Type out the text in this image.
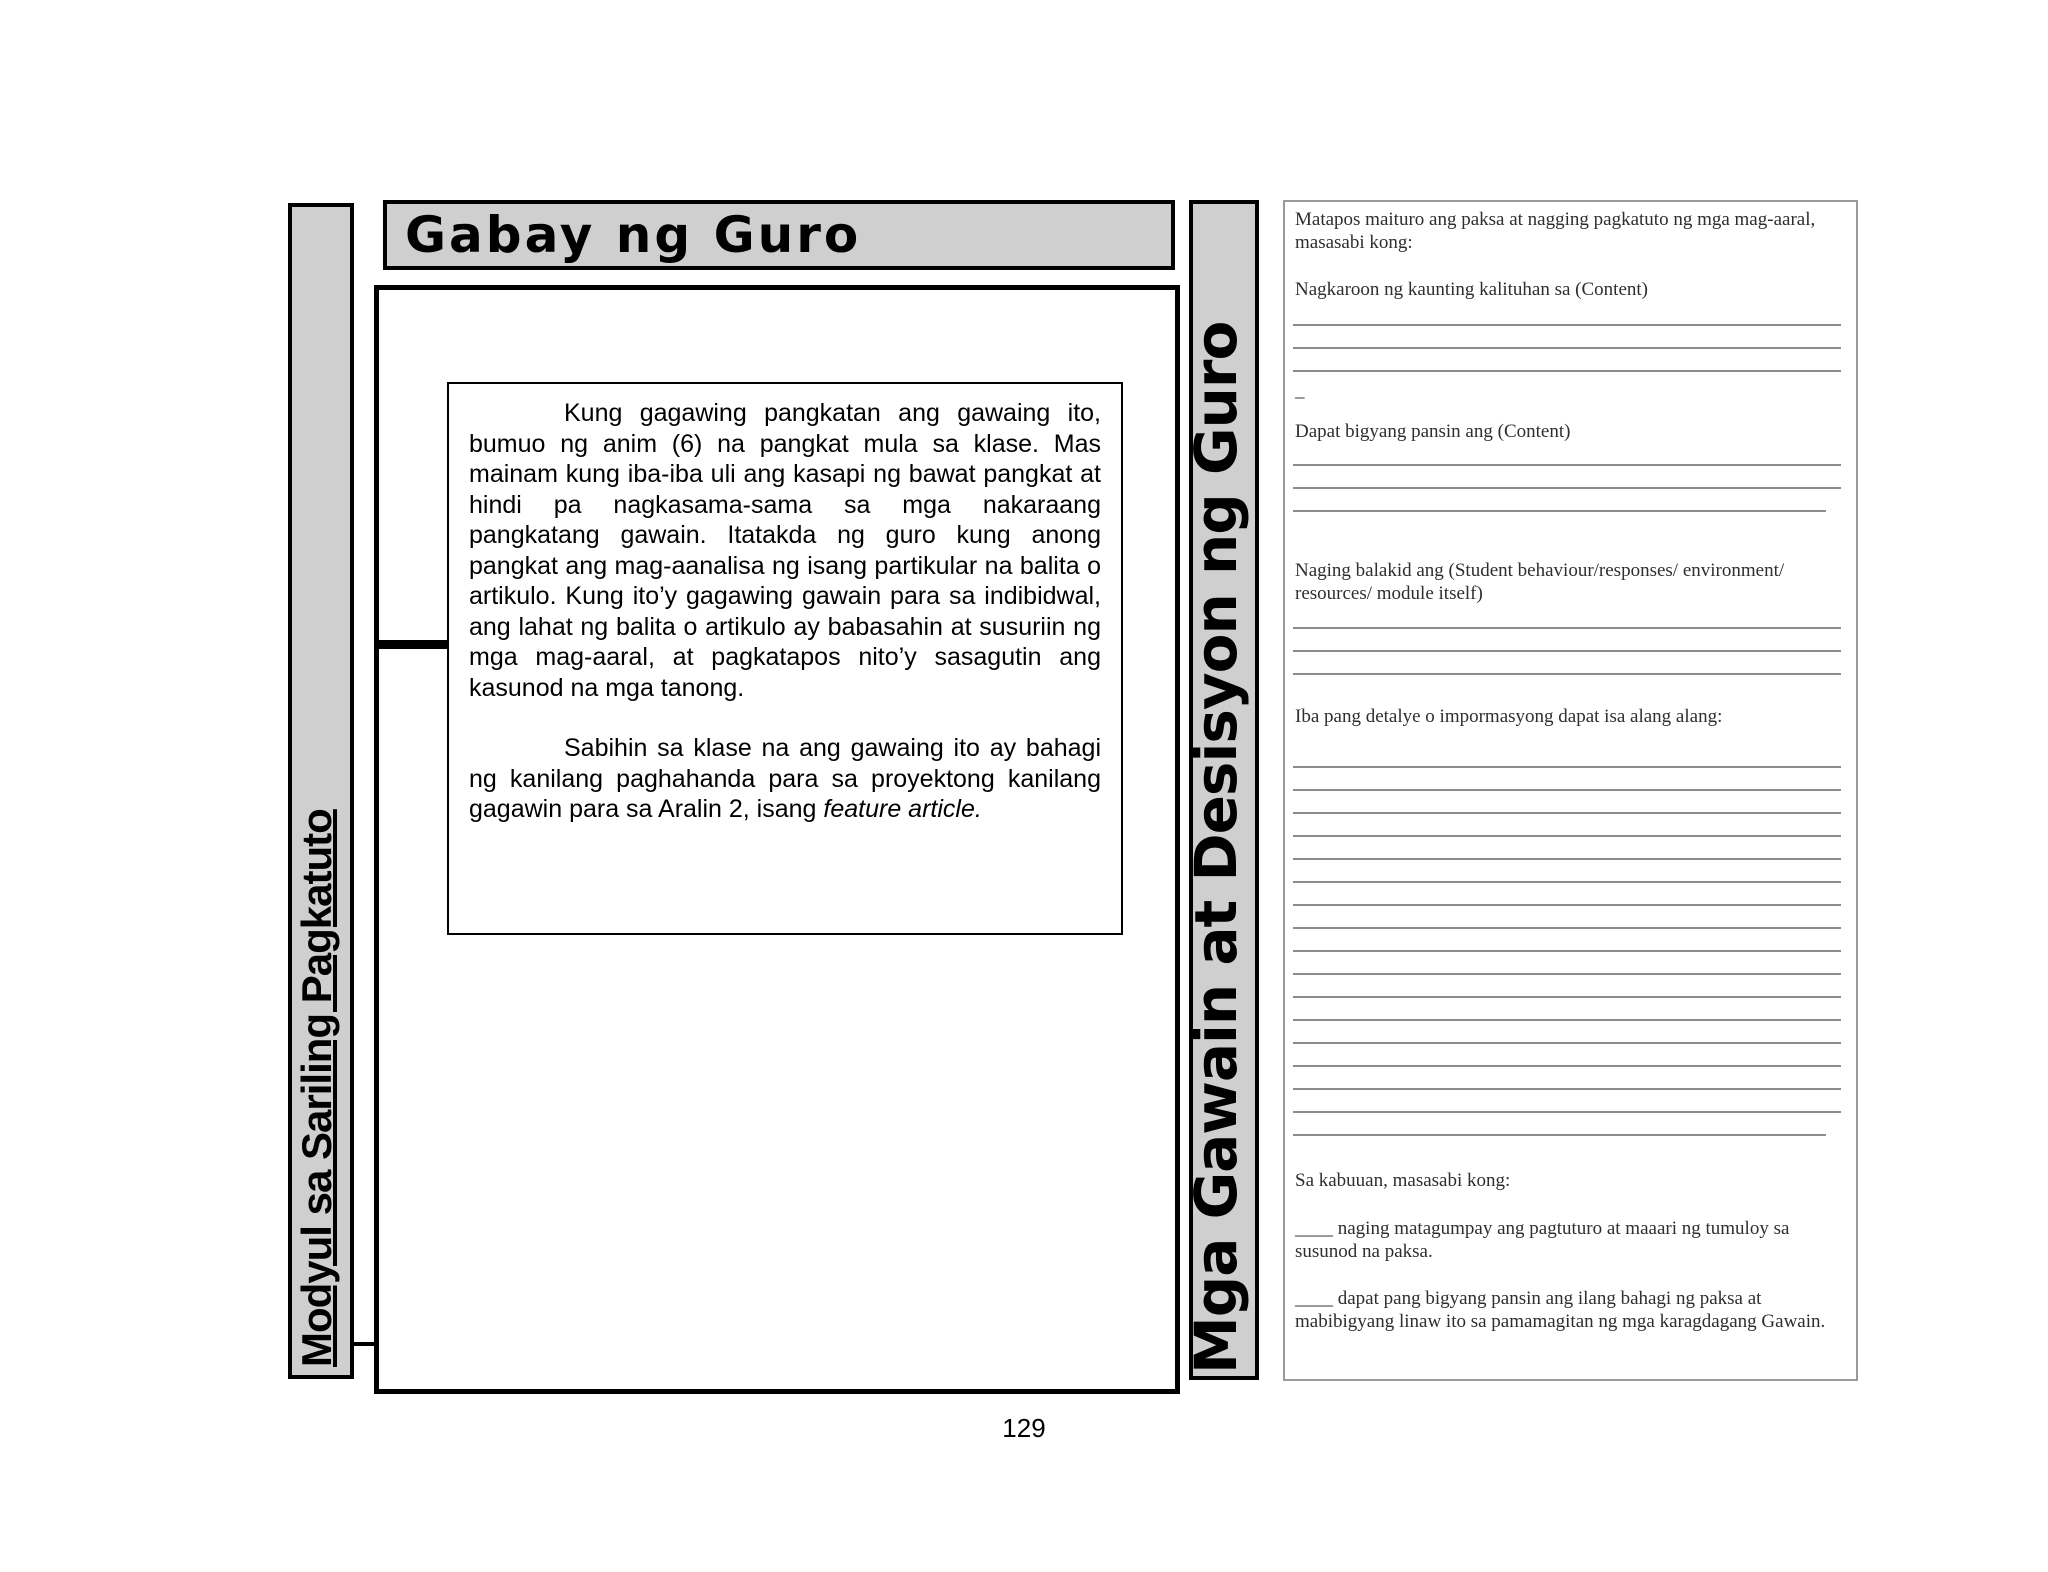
Modyul sa Sariling Pagkatuto
Gabay ng Guro

Kung gagawing pangkatan ang gawaing ito, bumuo ng anim (6) na pangkat mula sa klase. Mas mainam kung iba-iba uli ang kasapi ng bawat pangkat at hindi pa nagkasama-sama sa mga nakaraang pangkatang gawain. Itatakda ng guro kung anong pangkat ang mag-aanalisa ng isang partikular na balita o artikulo. Kung ito’y gagawing gawain para sa indibidwal, ang lahat ng balita o artikulo ay babasahin at susuriin ng mga mag-aaral, at pagkatapos nito’y sasagutin ang kasunod na mga tanong.

Sabihin sa klase na ang gawaing ito ay bahagi ng kanilang paghahanda para sa proyektong kanilang gagawin para sa Aralin 2, isang feature article.	Mga Gawain at Desisyon ng Guro
Matapos maituro ang paksa at nagging pagkatuto ng mga mag-aaral, masasabi kong:
Nagkaroon ng kaunting kalituhan sa (Content)
_
Dapat bigyang pansin ang (Content)
Naging balakid ang (Student behaviour/responses/ environment/ resources/ module itself)
Iba pang detalye o impormasyong dapat isa alang alang:
Sa kabuuan, masasabi kong:
____ naging matagumpay ang pagtuturo at maaari ng tumuloy sa susunod na paksa.
____ dapat pang bigyang pansin ang ilang bahagi ng paksa at mabibigyang linaw ito sa pamamagitan ng mga karagdagang Gawain.
129
